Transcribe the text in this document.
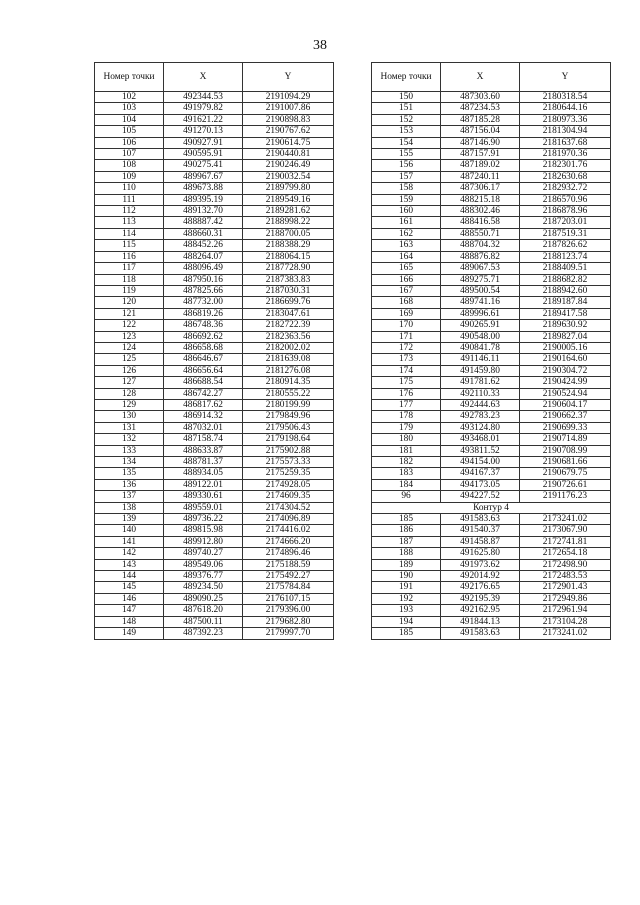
38
Номер точки	X	Y
102	492344.53	2191094.29
103	491979.82	2191007.86
104	491621.22	2190898.83
105	491270.13	2190767.62
106	490927.91	2190614.75
107	490595.91	2190440.81
108	490275.41	2190246.49
109	489967.67	2190032.54
110	489673.88	2189799.80
111	489395.19	2189549.16
112	489132.70	2189281.62
113	488887.42	2188998.22
114	488660.31	2188700.05
115	488452.26	2188388.29
116	488264.07	2188064.15
117	488096.49	2187728.90
118	487950.16	2187383.83
119	487825.66	2187030.31
120	487732.00	2186699.76
121	486819.26	2183047.61
122	486748.36	2182722.39
123	486692.62	2182363.56
124	486658.68	2182002.02
125	486646.67	2181639.08
126	486656.64	2181276.08
127	486688.54	2180914.35
128	486742.27	2180555.22
129	486817.62	2180199.99
130	486914.32	2179849.96
131	487032.01	2179506.43
132	487158.74	2179198.64
133	488633.87	2175902.88
134	488781.37	2175573.33
135	488934.05	2175259.35
136	489122.01	2174928.05
137	489330.61	2174609.35
138	489559.01	2174304.52
139	489736.22	2174096.89
140	489815.98	2174416.02
141	489912.80	2174666.20
142	489740.27	2174896.46
143	489549.06	2175188.59
144	489376.77	2175492.27
145	489234.50	2175784.84
146	489090.25	2176107.15
147	487618.20	2179396.00
148	487500.11	2179682.80
149	487392.23	2179997.70
Номер точки	X	Y
150	487303.60	2180318.54
151	487234.53	2180644.16
152	487185.28	2180973.36
153	487156.04	2181304.94
154	487146.90	2181637.68
155	487157.91	2181970.36
156	487189.02	2182301.76
157	487240.11	2182630.68
158	487306.17	2182932.72
159	488215.18	2186570.96
160	488302.46	2186878.96
161	488416.58	2187203.01
162	488550.71	2187519.31
163	488704.32	2187826.62
164	488876.82	2188123.74
165	489067.53	2188409.51
166	489275.71	2188682.82
167	489500.54	2188942.60
168	489741.16	2189187.84
169	489996.61	2189417.58
170	490265.91	2189630.92
171	490548.00	2189827.04
172	490841.78	2190005.16
173	491146.11	2190164.60
174	491459.80	2190304.72
175	491781.62	2190424.99
176	492110.33	2190524.94
177	492444.63	2190604.17
178	492783.23	2190662.37
179	493124.80	2190699.33
180	493468.01	2190714.89
181	493811.52	2190708.99
182	494154.00	2190681.66
183	494167.37	2190679.75
184	494173.05	2190726.61
96	494227.52	2191176.23
Контур 4		
185	491583.63	2173241.02
186	491540.37	2173067.90
187	491458.87	2172741.81
188	491625.80	2172654.18
189	491973.62	2172498.90
190	492014.92	2172483.53
191	492176.65	2172901.43
192	492195.39	2172949.86
193	492162.95	2172961.94
194	491844.13	2173104.28
185	491583.63	2173241.02
